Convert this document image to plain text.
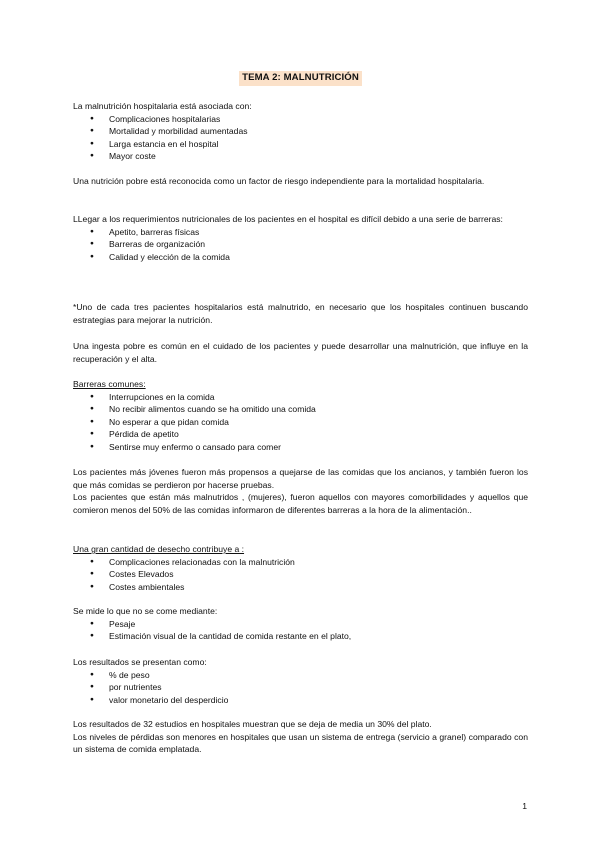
TEMA 2: MALNUTRICIÓN

La malnutrición hospitalaria está asociada con:

● Complicaciones hospitalarias
● Mortalidad y morbilidad aumentadas
● Larga estancia en el hospital
● Mayor coste

Una nutrición pobre está reconocida como un factor de riesgo independiente para la mortalidad hospitalaria.

LLegar a los requerimientos nutricionales de los pacientes en el hospital es difícil debido a una serie de barreras:

● Apetito, barreras físicas
● Barreras de organización
● Calidad y elección de la comida

*Uno de cada tres pacientes hospitalarios está malnutrido, en necesario que los hospitales continuen buscando estrategias para mejorar la nutrición.

Una ingesta pobre es común en el cuidado de los pacientes y puede desarrollar una malnutrición, que influye en la recuperación y el alta.

Barreras comunes:

● Interrupciones en la comida
● No recibir alimentos cuando se ha omitido una comida
● No esperar a que pidan comida
● Pérdida de apetito
● Sentirse muy enfermo o cansado para comer

Los pacientes más jóvenes fueron más propensos a quejarse de las comidas que los ancianos, y también fueron los que más comidas se perdieron por hacerse pruebas.

Los pacientes que están más malnutridos , (mujeres), fueron aquellos con mayores comorbilidades y aquellos que comieron menos del 50% de las comidas informaron de diferentes barreras a la hora de la alimentación..

Una gran cantidad de desecho contribuye a :

● Complicaciones relacionadas con la malnutrición
● Costes Elevados
● Costes ambientales

Se mide lo que no se come mediante:

● Pesaje
● Estimación visual de la cantidad de comida restante en el plato,

Los resultados se presentan como:

● % de peso
● por nutrientes
● valor monetario del desperdicio

Los resultados de 32 estudios en hospitales muestran que se deja de media un 30% del plato.

Los niveles de pérdidas son menores en hospitales que usan un sistema de entrega (servicio a granel) comparado con un sistema de comida emplatada.

1
